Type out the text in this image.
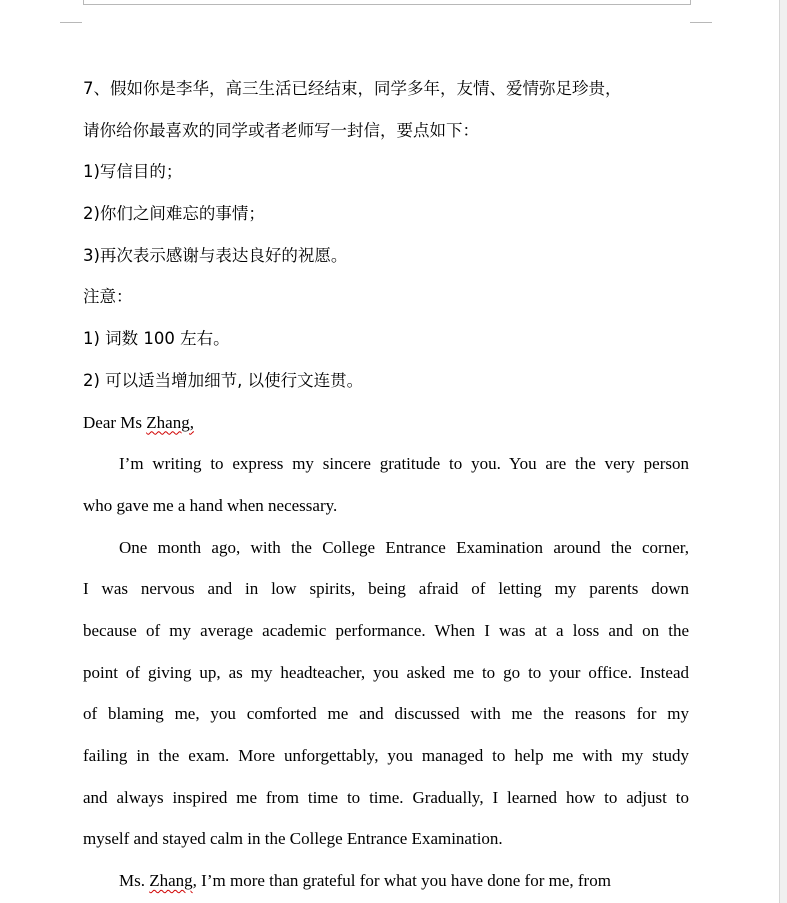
7、假如你是李华，高三生活已经结束，同学多年，友情、爱情弥足珍贵，
请你给你最喜欢的同学或者老师写一封信，要点如下：
1)写信目的；
2)你们之间难忘的事情；
3)再次表示感谢与表达良好的祝愿。
注意：
1) 词数 100 左右。
2) 可以适当增加细节, 以使行文连贯。
Dear Ms Zhang,
I’m writing to express my sincere gratitude to you. You are the very person
who gave me a hand when necessary.
One month ago, with the College Entrance Examination around the corner,
I was nervous and in low spirits, being afraid of letting my parents down
because of my average academic performance. When I was at a loss and on the
point of giving up, as my headteacher, you asked me to go to your office. Instead
of blaming me, you comforted me and discussed with me the reasons for my
failing in the exam. More unforgettably, you managed to help me with my study
and always inspired me from time to time. Gradually, I learned how to adjust to
myself and stayed calm in the College Entrance Examination.
Ms. Zhang, I’m more than grateful for what you have done for me, from
